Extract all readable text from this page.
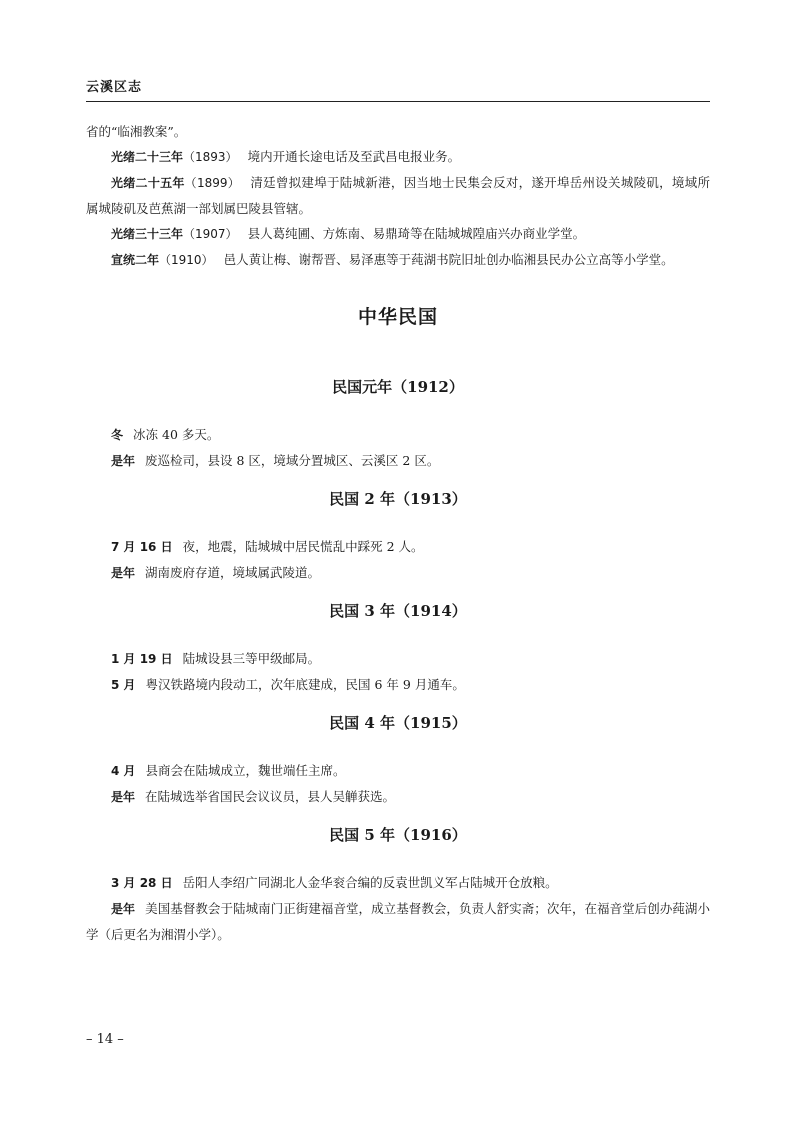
云溪区志

省的“临湘教案”。

光绪二十三年（1893） 境内开通长途电话及至武昌电报业务。

光绪二十五年（1899） 清廷曾拟建埠于陆城新港，因当地士民集会反对，遂开埠岳州设关城陵矶，境域所属城陵矶及芭蕉湖一部划属巴陵县管辖。

光绪三十三年（1907） 县人葛纯圃、方炼南、易鼎琦等在陆城城隍庙兴办商业学堂。

宣统二年（1910） 邑人黄让梅、谢帮晋、易泽惠等于莼湖书院旧址创办临湘县民办公立高等小学堂。

中华民国
民国元年（1912）

冬 冰冻 40 多天。

是年 废巡检司，县设 8 区，境域分置城区、云溪区 2 区。

民国 2 年（1913）

7 月 16 日 夜，地震，陆城城中居民慌乱中踩死 2 人。

是年 湖南废府存道，境域属武陵道。

民国 3 年（1914）

1 月 19 日 陆城设县三等甲级邮局。

5 月 粤汉铁路境内段动工，次年底建成，民国 6 年 9 月通车。

民国 4 年（1915）

4 月 县商会在陆城成立，魏世端任主席。

是年 在陆城选举省国民会议议员，县人吴觯获选。

民国 5 年（1916）

3 月 28 日 岳阳人李绍广同湖北人金华衮合编的反袁世凯义军占陆城开仓放粮。

是年 美国基督教会于陆城南门正街建福音堂，成立基督教会，负责人舒实斋；次年，在福音堂后创办莼湖小学（后更名为湘渭小学）。

– 14 –
